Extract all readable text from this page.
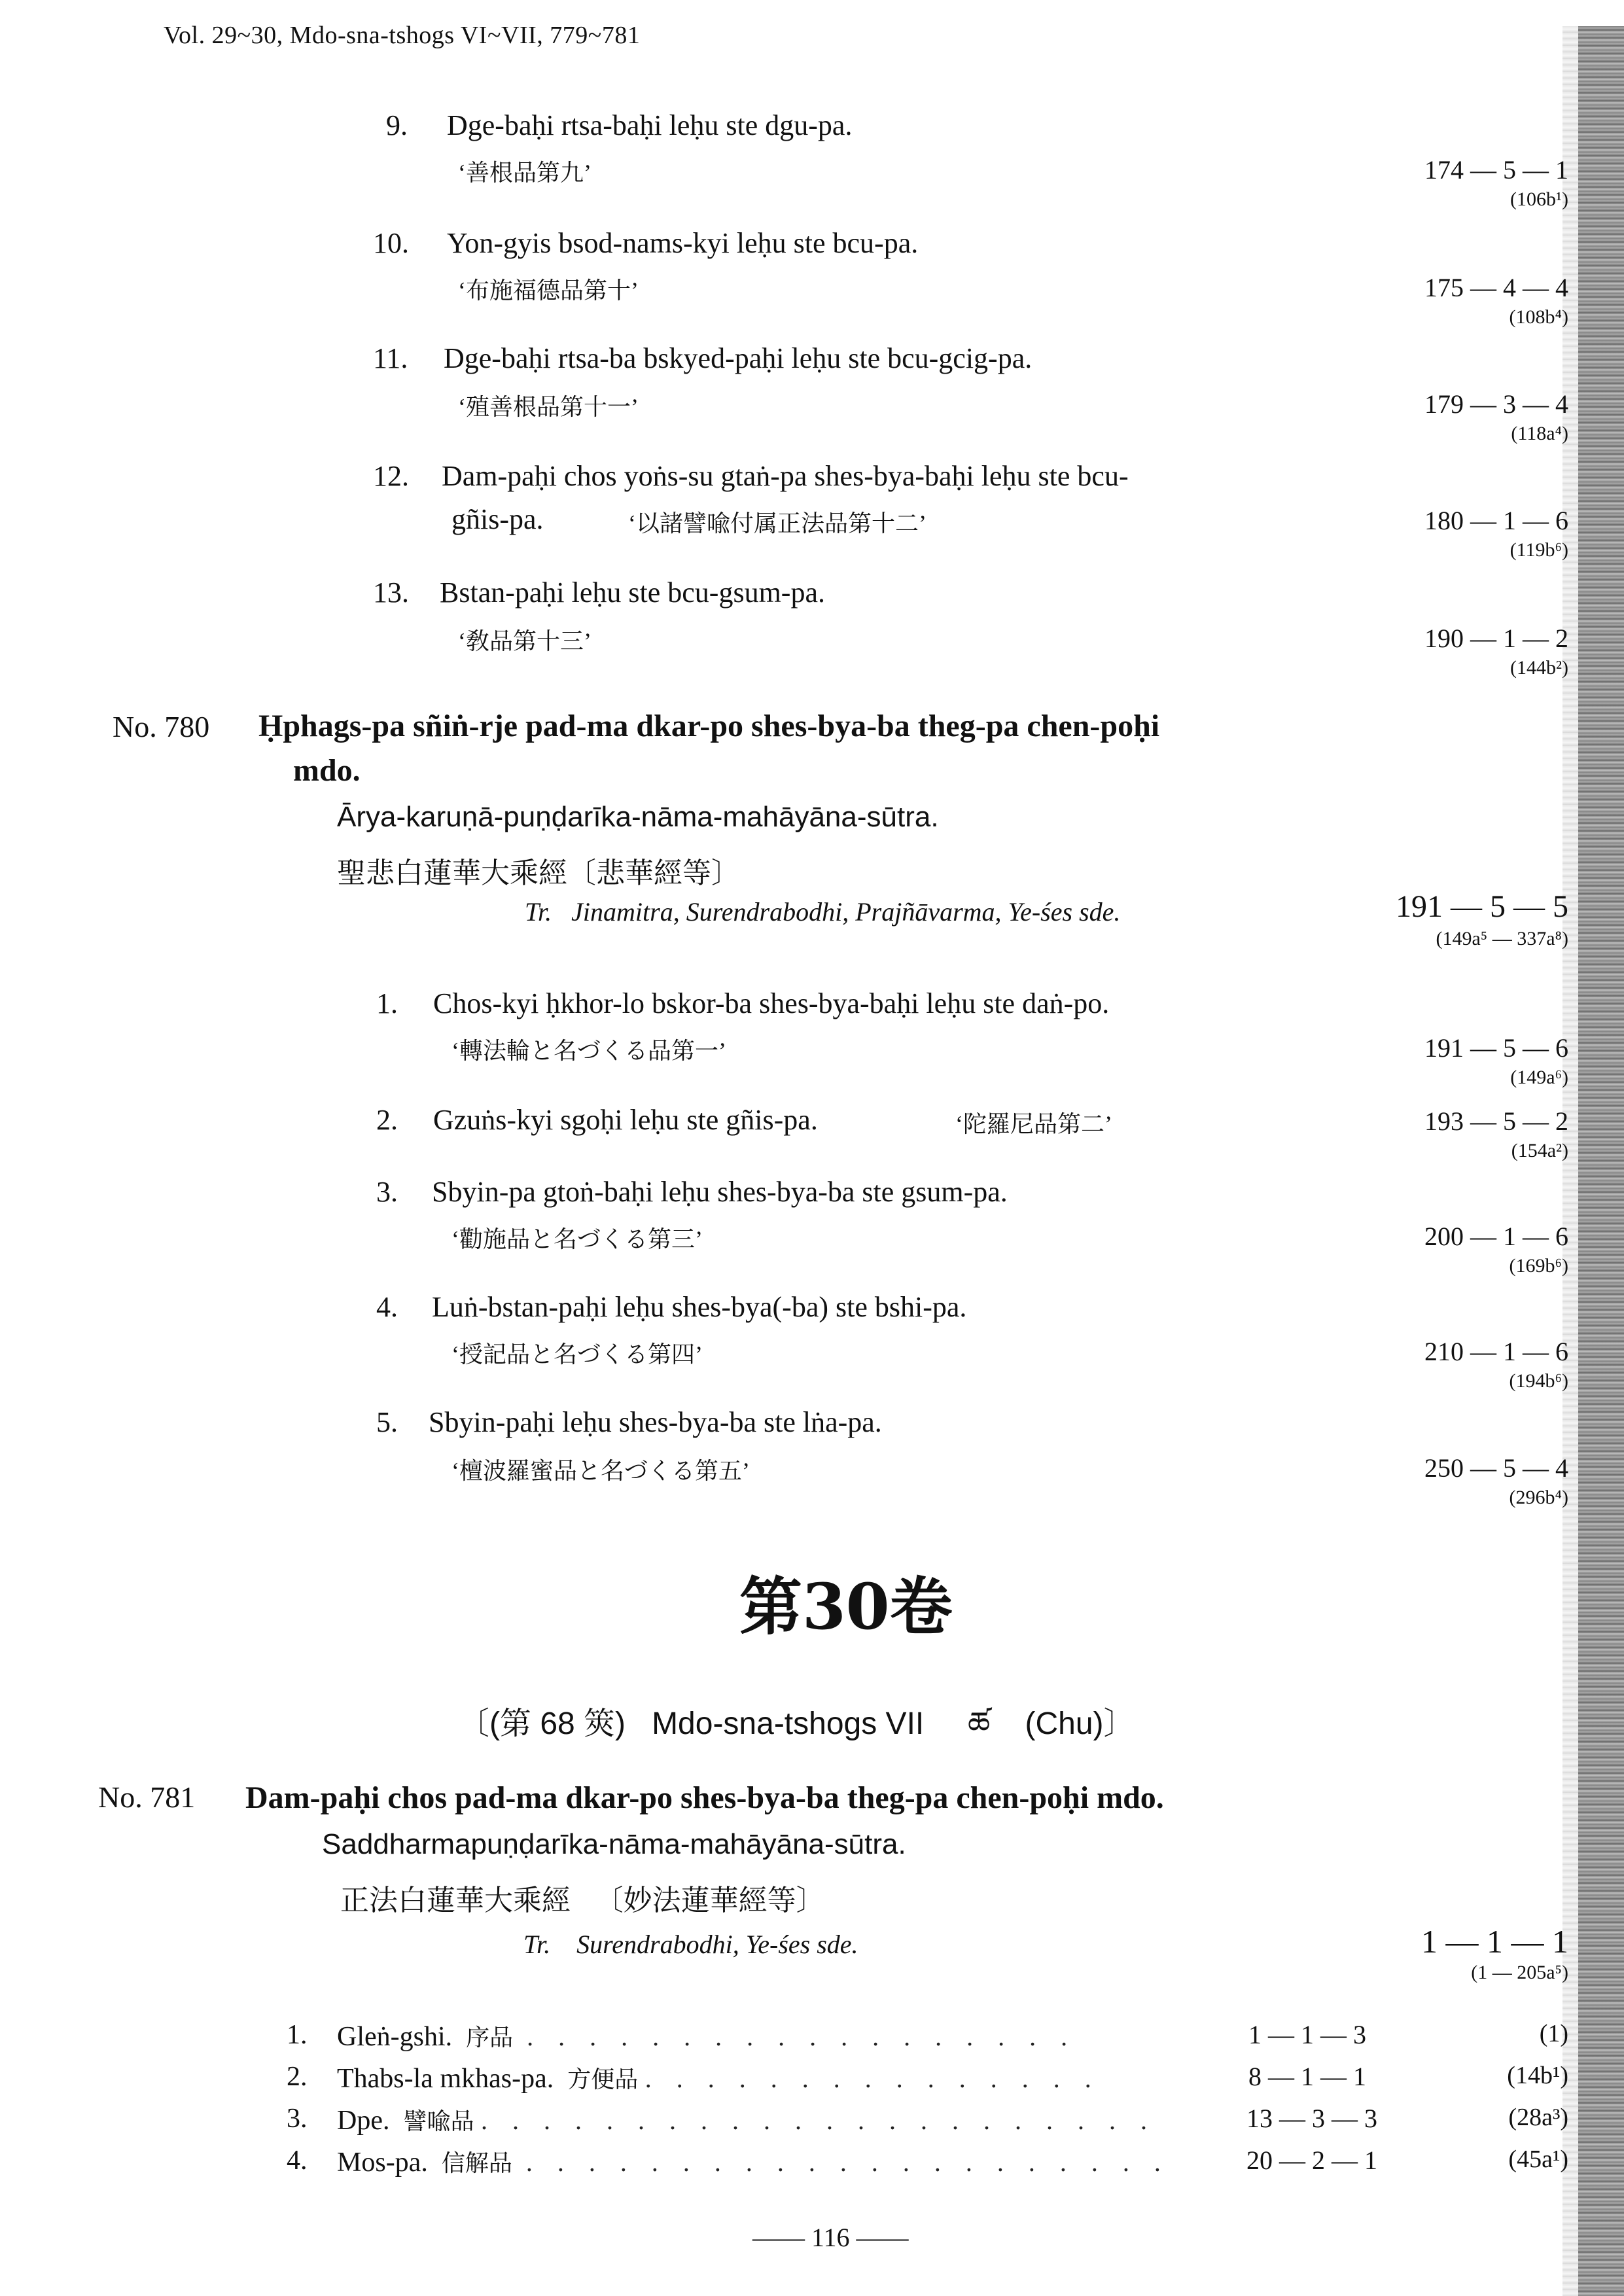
Vol. 29~30, Mdo-sna-tshogs VI~VII, 779~781
9. Dge-baḥi rtsa-baḥi leḥu ste dgu-pa.
‘善根品第九’	174 — 5 — 1
(106b¹)
10. Yon-gyis bsod-nams-kyi leḥu ste bcu-pa.
‘布施福德品第十’	175 — 4 — 4
(108b⁴)
11. Dge-baḥi rtsa-ba bskyed-paḥi leḥu ste bcu-gcig-pa.
‘殖善根品第十一’	179 — 3 — 4
(118a⁴)
12. Dam-paḥi chos yoṅs-su gtaṅ-pa shes-bya-baḥi leḥu ste bcu-
gñis-pa.	‘以諸譬喩付属正法品第十二’	180 — 1 — 6
(119b⁶)
13. Bstan-paḥi leḥu ste bcu-gsum-pa.
‘敎品第十三’	190 — 1 — 2
(144b²)
No. 780 Ḥphags-pa sñiṅ-rje pad-ma dkar-po shes-bya-ba theg-pa chen-poḥi
mdo.
Ārya-karuṇā-puṇḍarīka-nāma-mahāyāna-sūtra.
聖悲白蓮華大乘經〔悲華經等〕
Tr. Jinamitra, Surendrabodhi, Prajñāvarma, Ye-śes sde.	191 — 5 — 5
(149a⁵ — 337a⁸)
1. Chos-kyi ḥkhor-lo bskor-ba shes-bya-baḥi leḥu ste daṅ-po.
‘轉法輪と名づくる品第一’	191 — 5 — 6
(149a⁶)
2. Gzuṅs-kyi sgoḥi leḥu ste gñis-pa.	‘陀羅尼品第二’	193 — 5 — 2
(154a²)
3. Sbyin-pa gtoṅ-baḥi leḥu shes-bya-ba ste gsum-pa.
‘勸施品と名づくる第三’	200 — 1 — 6
(169b⁶)
4. Luṅ-bstan-paḥi leḥu shes-bya(-ba) ste bshi-pa.
‘授記品と名づくる第四’	210 — 1 — 6
(194b⁶)
5. Sbyin-paḥi leḥu shes-bya-ba ste lṅa-pa.
‘檀波羅蜜品と名づくる第五’	250 — 5 — 4
(296b⁴)
第30卷
〔(第 68 筴) Mdo-sna-tshogs VII ཚ (Chu)〕
No. 781 Dam-paḥi chos pad-ma dkar-po shes-bya-ba theg-pa chen-poḥi mdo.
Saddharmapuṇḍarīka-nāma-mahāyāna-sūtra.
正法白蓮華大乘經 〔妙法蓮華經等〕
Tr. Surendrabodhi, Ye-śes sde.	1 — 1 — 1
(1 — 205a⁵)
1. Gleṅ-gshi. 序品 . . . . . . . . . . . . . . . . . .	1 — 1 — 3	(1)
2. Thabs-la mkhas-pa. 方便品 . . . . . . . . . . . . . . .	8 — 1 — 1	(14b¹)
3. Dpe. 譬喩品 . . . . . . . . . . . . . . . . . . . . . .	13 — 3 — 3	(28a³)
4. Mos-pa. 信解品 . . . . . . . . . . . . . . . . . . . . .	20 — 2 — 1	(45a¹)
—— 116 ——
